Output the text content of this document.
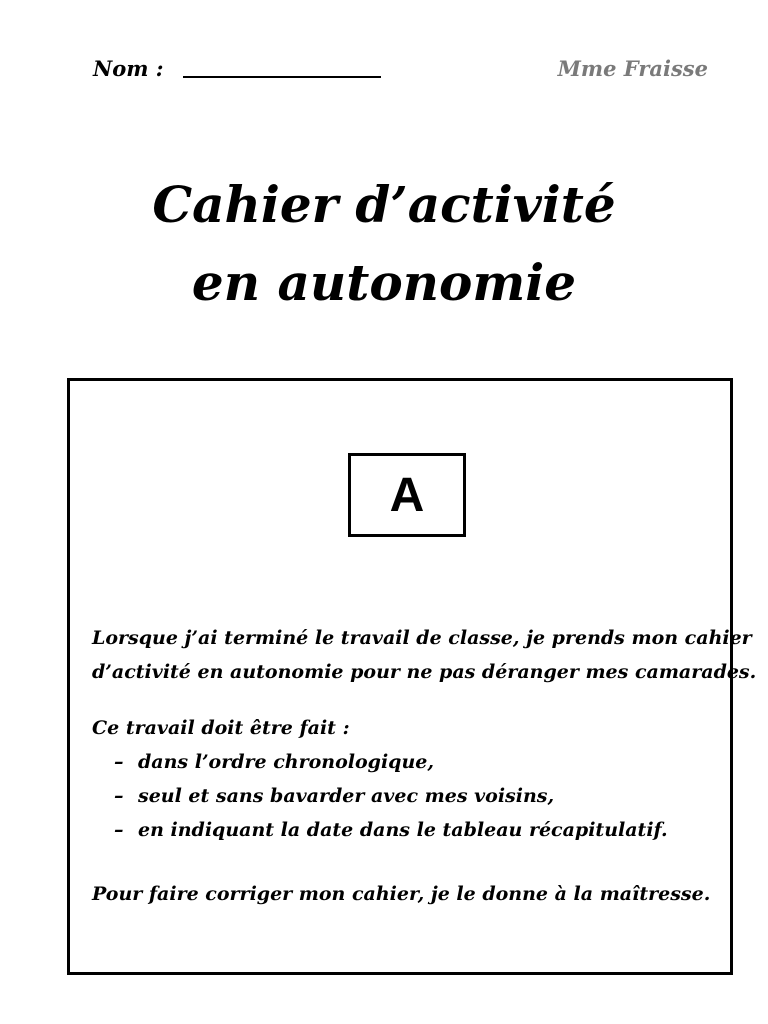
Nom :	Mme Fraisse
Cahier d’activité
en autonomie
A
Lorsque j’ai terminé le travail de classe, je prends mon cahier
d’activité en autonomie pour ne pas déranger mes camarades.
Ce travail doit être fait :
– dans l’ordre chronologique,
– seul et sans bavarder avec mes voisins,
– en indiquant la date dans le tableau récapitulatif.
Pour faire corriger mon cahier, je le donne à la maîtresse.
